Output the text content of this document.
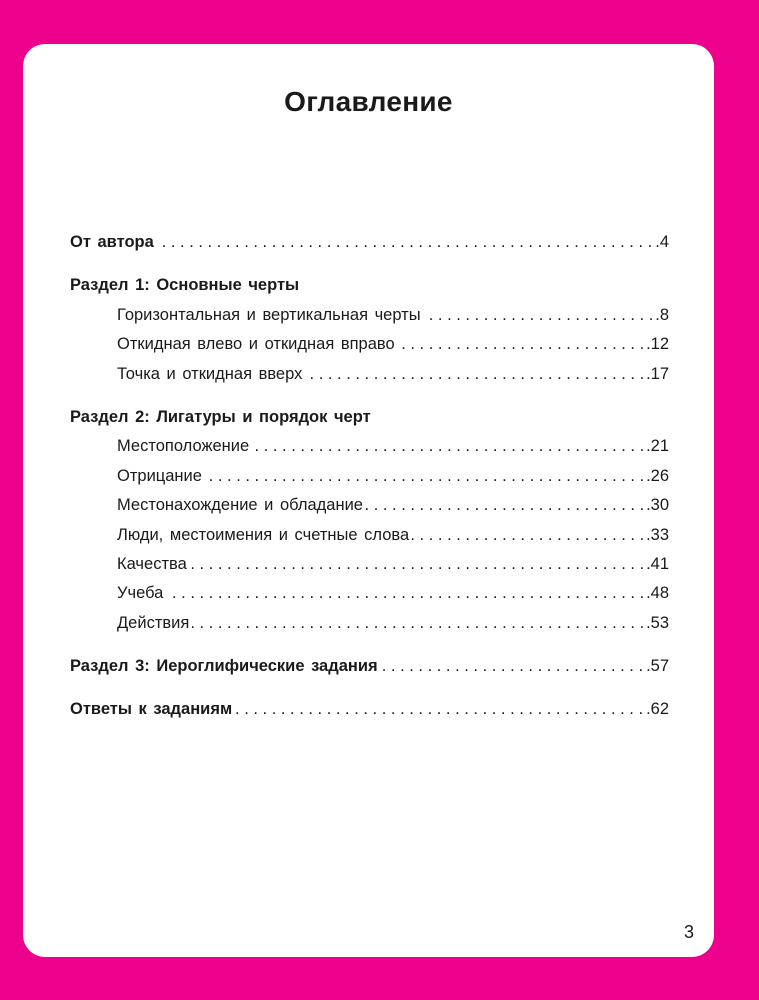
Оглавление
. . .
От автора	.4
Раздел 1: Основные черты
. . .
Горизонтальная и вертикальная черты	.8
. . .
Откидная влево и откидная вправо	.12
. . .
Точка и откидная вверх	.17
Раздел 2: Лигатуры и порядок черт
. . .
Местоположение	.21
. . .
Отрицание	.26
. . .
Местонахождение и обладание	.30
. . .
Люди, местоимения и счетные слова	.33
. . .
Качества	.41
. . .
Учеба	.48
. . .
Действия	.53
. . .
Раздел 3: Иероглифические задания	.57
. . .
Ответы к заданиям	.62
3
